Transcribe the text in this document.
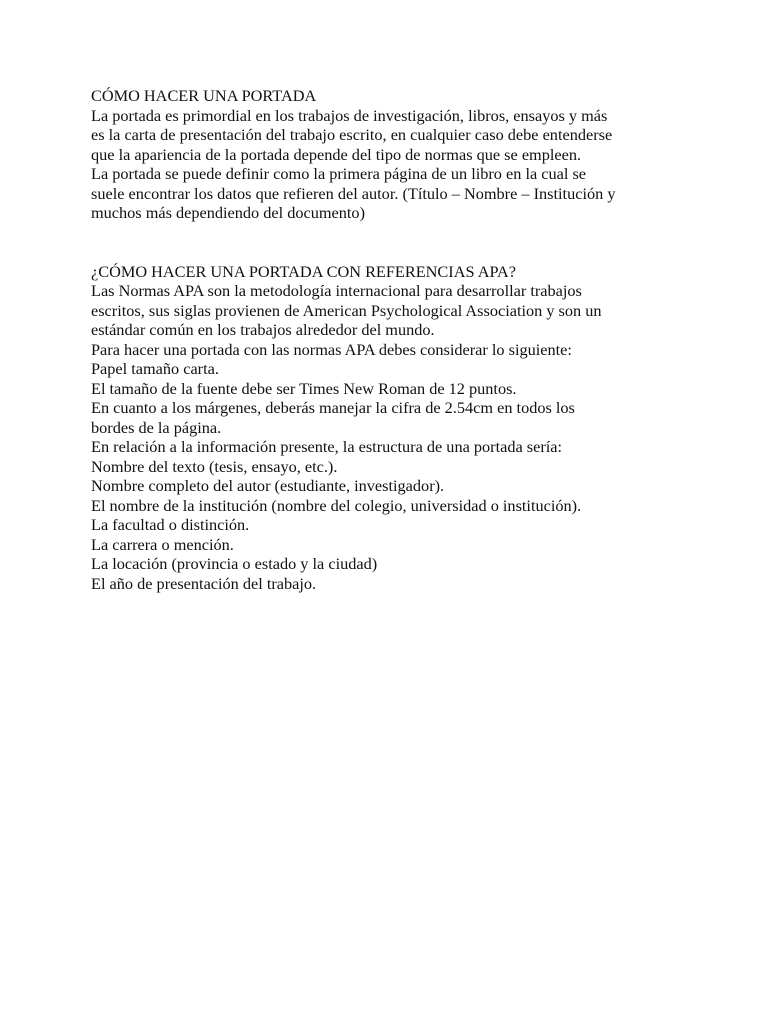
CÓMO HACER UNA PORTADA
La portada es primordial en los trabajos de investigación, libros, ensayos y más
es la carta de presentación del trabajo escrito, en cualquier caso debe entenderse
que la apariencia de la portada depende del tipo de normas que se empleen.
La portada se puede definir como la primera página de un libro en la cual se
suele encontrar los datos que refieren del autor. (Título – Nombre – Institución y
muchos más dependiendo del documento)
¿CÓMO HACER UNA PORTADA CON REFERENCIAS APA?
Las Normas APA son la metodología internacional para desarrollar trabajos
escritos, sus siglas provienen de American Psychological Association y son un
estándar común en los trabajos alrededor del mundo.
Para hacer una portada con las normas APA debes considerar lo siguiente:
Papel tamaño carta.
El tamaño de la fuente debe ser Times New Roman de 12 puntos.
En cuanto a los márgenes, deberás manejar la cifra de 2.54cm en todos los
bordes de la página.
En relación a la información presente, la estructura de una portada sería:
Nombre del texto (tesis, ensayo, etc.).
Nombre completo del autor (estudiante, investigador).
El nombre de la institución (nombre del colegio, universidad o institución).
La facultad o distinción.
La carrera o mención.
La locación (provincia o estado y la ciudad)
El año de presentación del trabajo.
